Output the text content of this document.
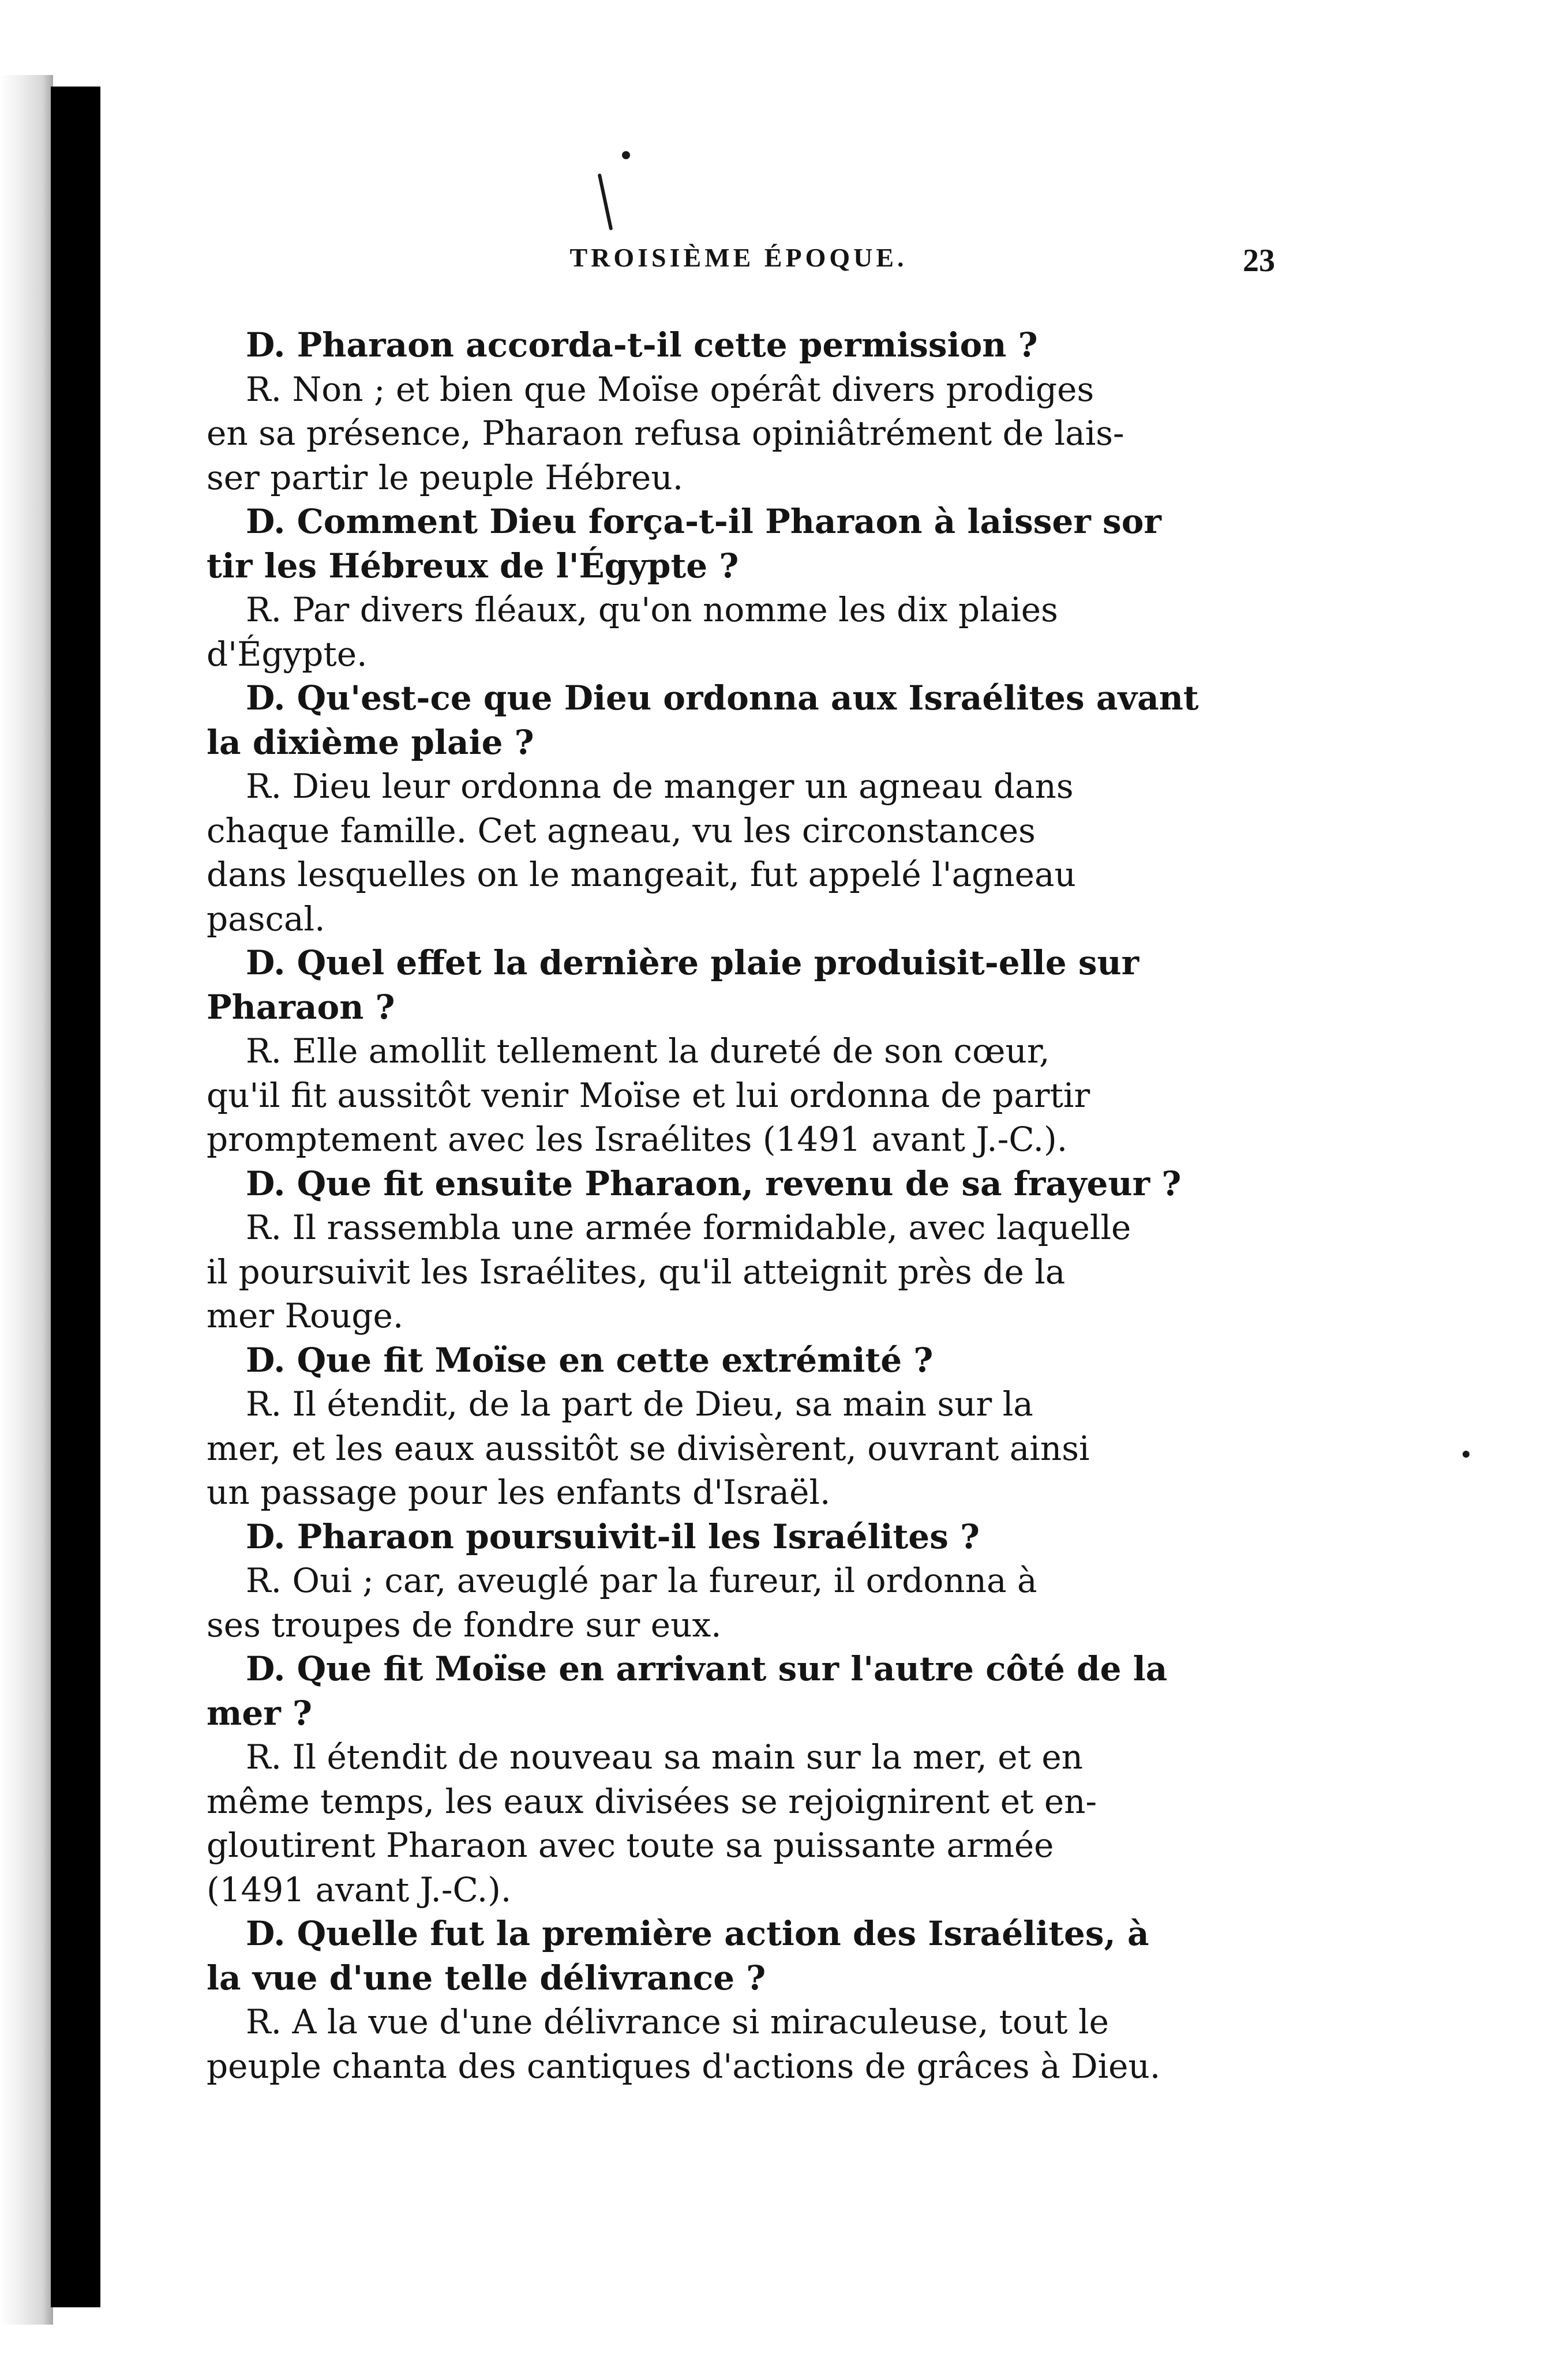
TROISIÈME ÉPOQUE.	23
D. Pharaon accorda-t-il cette permission ?
R. Non ; et bien que Moïse opérât divers prodiges
en sa présence, Pharaon refusa opiniâtrément de lais-
ser partir le peuple Hébreu.
D. Comment Dieu força-t-il Pharaon à laisser sor
tir les Hébreux de l'Égypte ?
R. Par divers fléaux, qu'on nomme les dix plaies
d'Égypte.
D. Qu'est-ce que Dieu ordonna aux Israélites avant
la dixième plaie ?
R. Dieu leur ordonna de manger un agneau dans
chaque famille. Cet agneau, vu les circonstances
dans lesquelles on le mangeait, fut appelé l'agneau
pascal.
D. Quel effet la dernière plaie produisit-elle sur
Pharaon ?
R. Elle amollit tellement la dureté de son cœur,
qu'il fit aussitôt venir Moïse et lui ordonna de partir
promptement avec les Israélites (1491 avant J.-C.).
D. Que fit ensuite Pharaon, revenu de sa frayeur ?
R. Il rassembla une armée formidable, avec laquelle
il poursuivit les Israélites, qu'il atteignit près de la
mer Rouge.
D. Que fit Moïse en cette extrémité ?
R. Il étendit, de la part de Dieu, sa main sur la
mer, et les eaux aussitôt se divisèrent, ouvrant ainsi
un passage pour les enfants d'Israël.
D. Pharaon poursuivit-il les Israélites ?
R. Oui ; car, aveuglé par la fureur, il ordonna à
ses troupes de fondre sur eux.
D. Que fit Moïse en arrivant sur l'autre côté de la
mer ?
R. Il étendit de nouveau sa main sur la mer, et en
même temps, les eaux divisées se rejoignirent et en-
gloutirent Pharaon avec toute sa puissante armée
(1491 avant J.-C.).
D. Quelle fut la première action des Israélites, à
la vue d'une telle délivrance ?
R. A la vue d'une délivrance si miraculeuse, tout le
peuple chanta des cantiques d'actions de grâces à Dieu.
